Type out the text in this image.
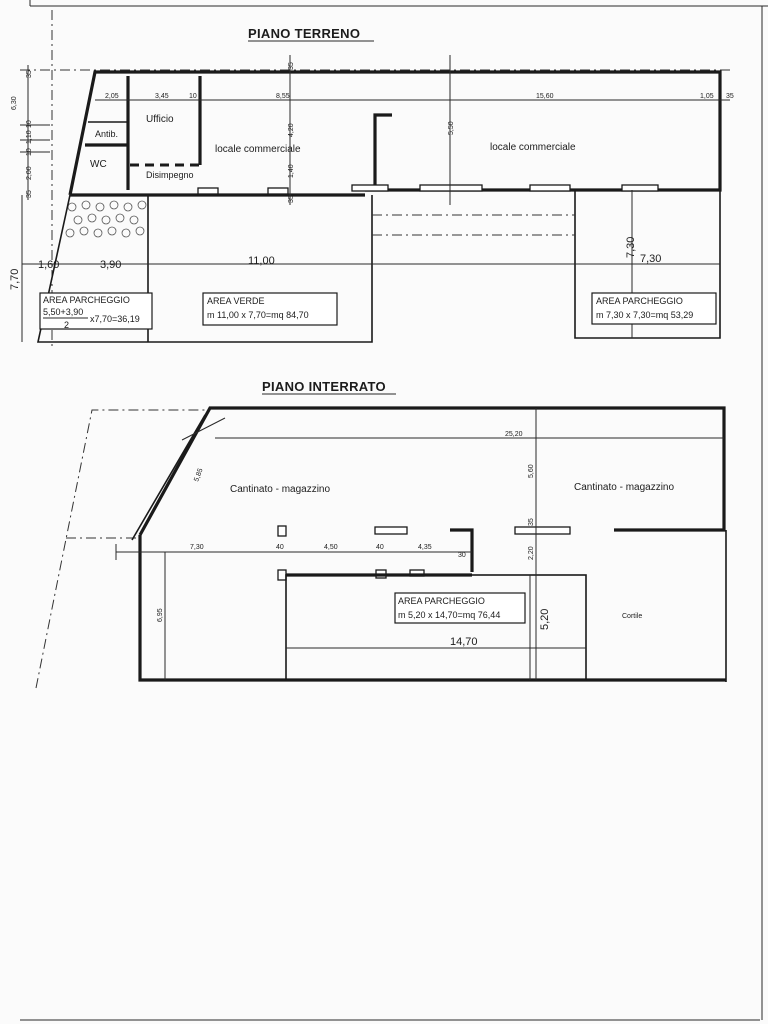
PIANO TERRENO
Ufficio
Antib.
WC
Disimpegno
locale commerciale	locale commerciale
2,05	3,45	10	8,55	15,60	1,05 35
35
4,20
1,40
35
5,50
6,30
35
10
1,10
10
2,00
35
1,60	3,90	11,00
7,70
7,30
7,30
AREA PARCHEGGIO
5,50+3,90
2
x7,70=36,19
AREA VERDE
m 11,00 x 7,70=mq 84,70
AREA PARCHEGGIO
m 7,30 x 7,30=mq 53,29
PIANO INTERRATO
Cantinato - magazzino	Cantinato - magazzino
Cortile
25,20
5,85	5,60
35
2,20
7,30	40	4,50	40	4,35
30
6,95
14,70
5,20
AREA PARCHEGGIO
m 5,20 x 14,70=mq 76,44
